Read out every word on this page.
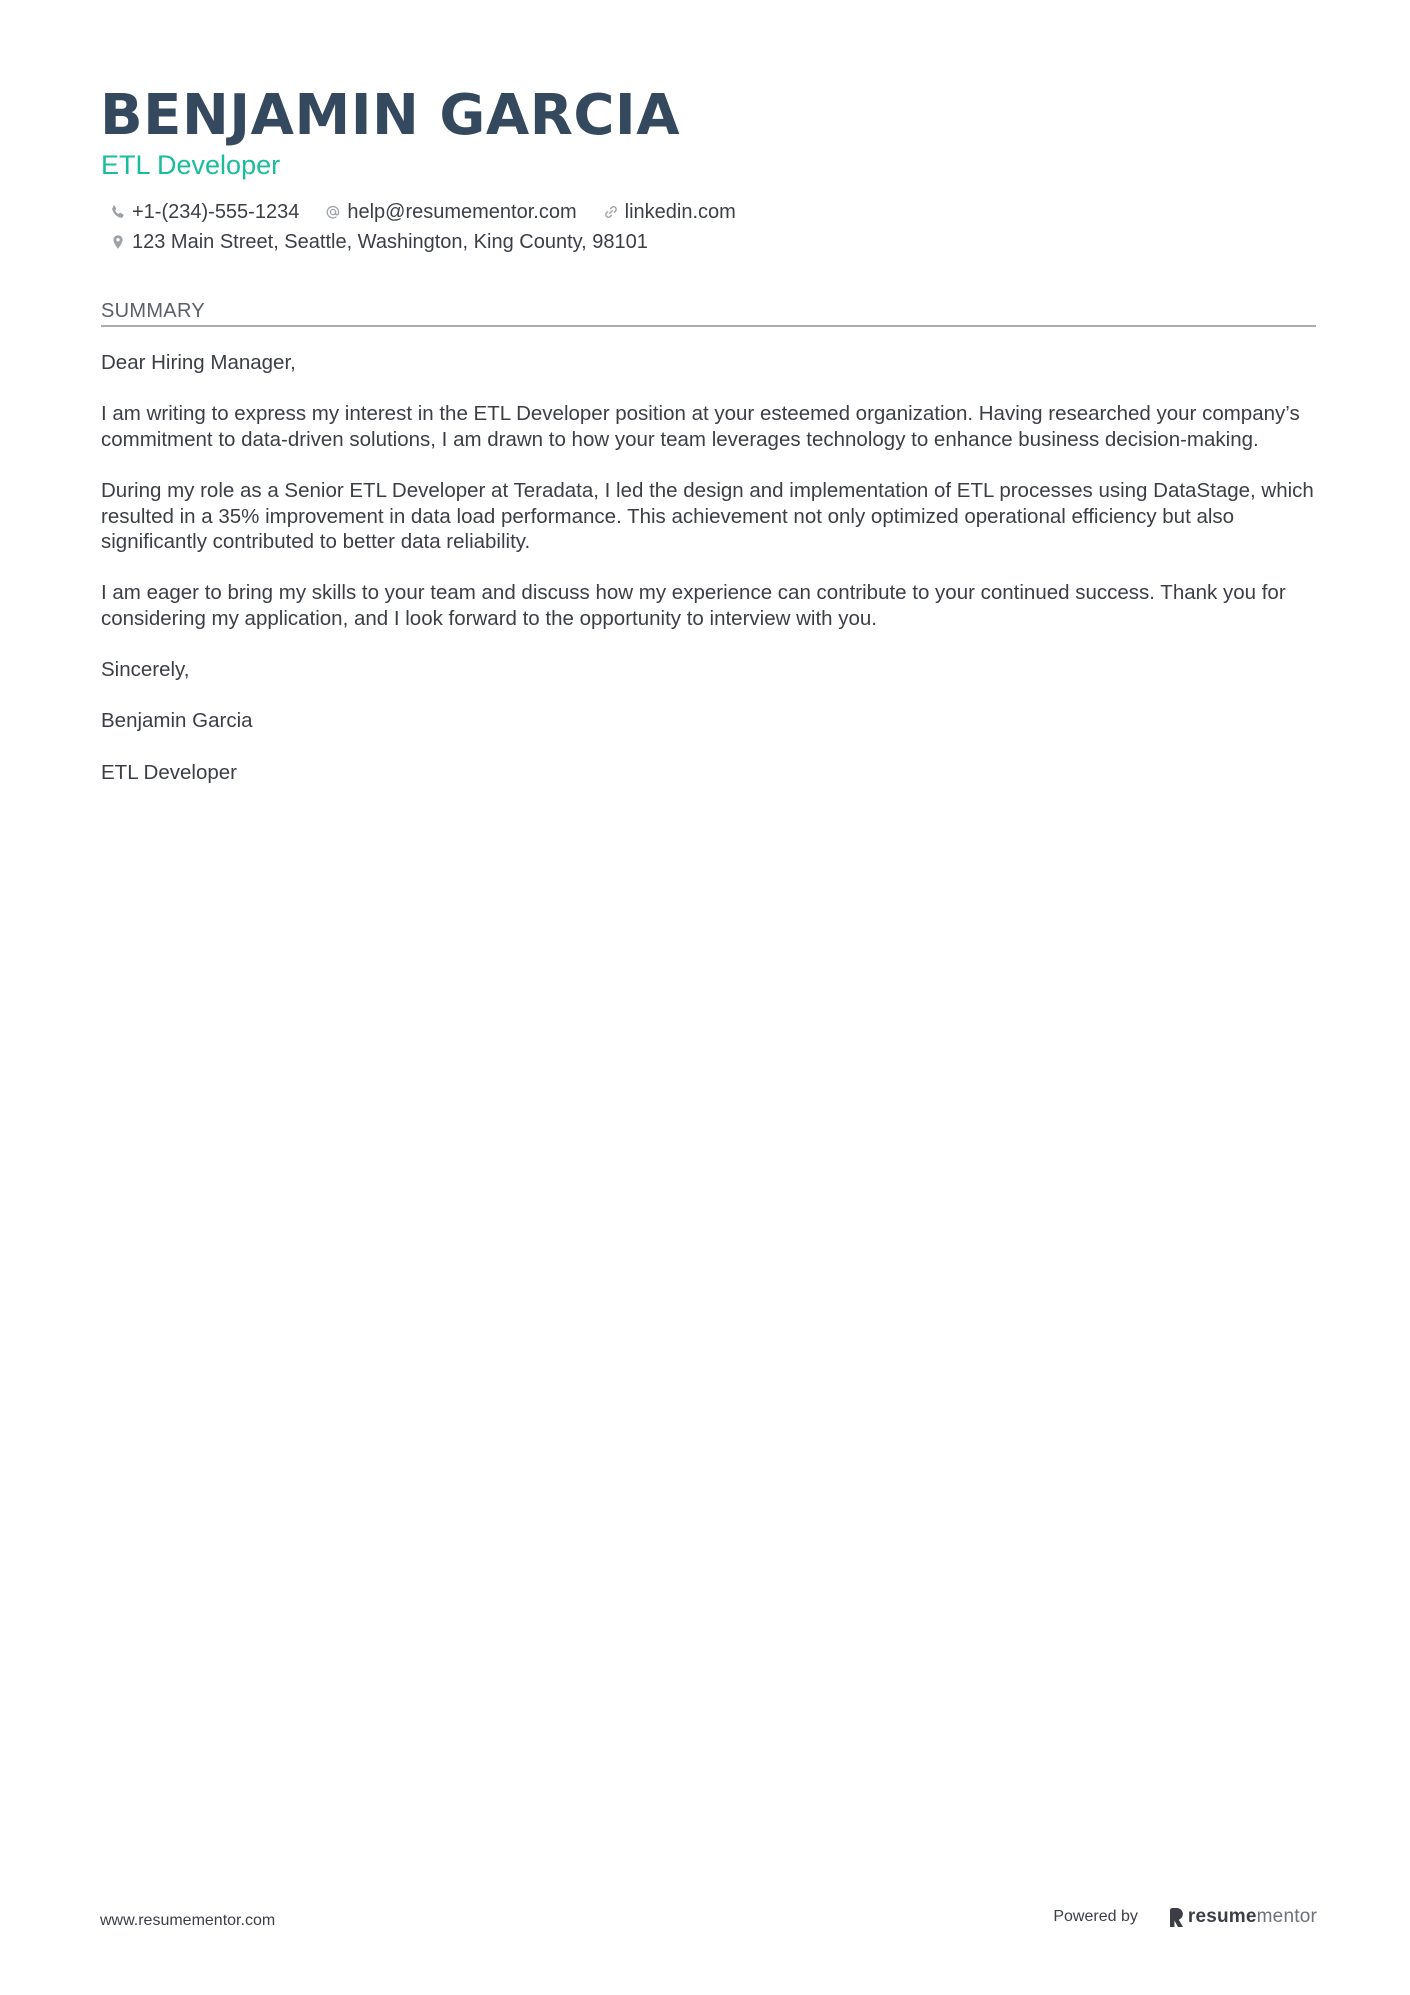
BENJAMIN GARCIA
ETL Developer
+1-(234)-555-1234 help@resumementor.com linkedin.com
123 Main Street, Seattle, Washington, King County, 98101
SUMMARY

Dear Hiring Manager,

I am writing to express my interest in the ETL Developer position at your esteemed organization. Having researched your company’s commitment to data-driven solutions, I am drawn to how your team leverages technology to enhance business decision-making.

During my role as a Senior ETL Developer at Teradata, I led the design and implementation of ETL processes using DataStage, which resulted in a 35% improvement in data load performance. This achievement not only optimized operational efficiency but also significantly contributed to better data reliability.

I am eager to bring my skills to your team and discuss how my experience can contribute to your continued success. Thank you for considering my application, and I look forward to the opportunity to interview with you.

Sincerely,

Benjamin Garcia

ETL Developer

www.resumementor.com	Powered by	resume mentor
